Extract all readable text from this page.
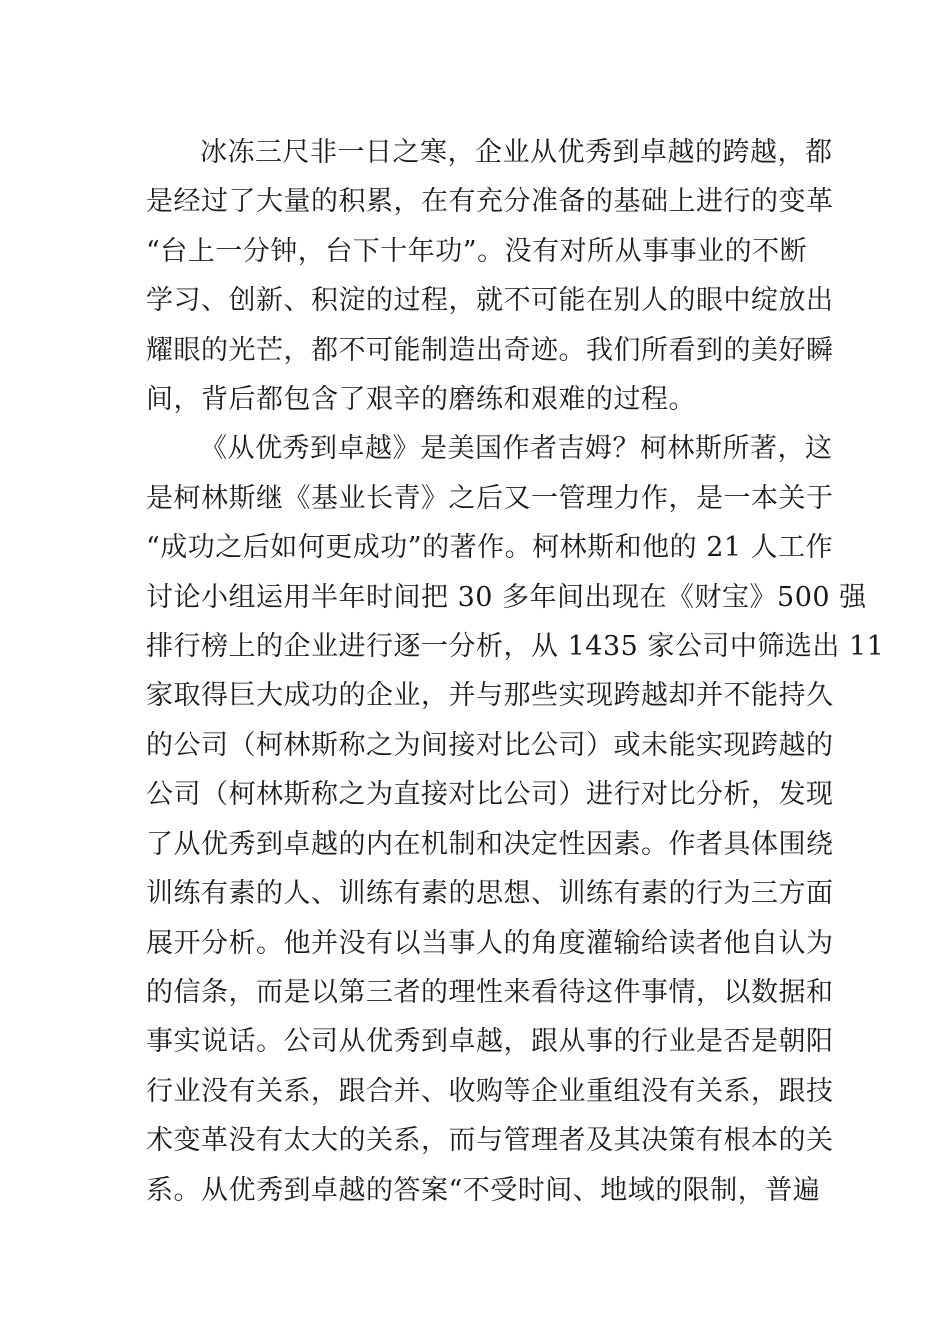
冰冻三尺非一日之寒，企业从优秀到卓越的跨越，都
是经过了大量的积累，在有充分准备的基础上进行的变革
“台上一分钟，台下十年功”。没有对所从事事业的不断
学习、创新、积淀的过程，就不可能在别人的眼中绽放出
耀眼的光芒，都不可能制造出奇迹。我们所看到的美好瞬
间，背后都包含了艰辛的磨练和艰难的过程。
《从优秀到卓越》是美国作者吉姆？柯林斯所著，这
是柯林斯继《基业长青》之后又一管理力作，是一本关于
“成功之后如何更成功”的著作。柯林斯和他的 21 人工作
讨论小组运用半年时间把 30 多年间出现在《财宝》500 强
排行榜上的企业进行逐一分析，从 1435 家公司中筛选出 11
家取得巨大成功的企业，并与那些实现跨越却并不能持久
的公司（柯林斯称之为间接对比公司）或未能实现跨越的
公司（柯林斯称之为直接对比公司）进行对比分析，发现
了从优秀到卓越的内在机制和决定性因素。作者具体围绕
训练有素的人、训练有素的思想、训练有素的行为三方面
展开分析。他并没有以当事人的角度灌输给读者他自认为
的信条，而是以第三者的理性来看待这件事情，以数据和
事实说话。公司从优秀到卓越，跟从事的行业是否是朝阳
行业没有关系，跟合并、收购等企业重组没有关系，跟技
术变革没有太大的关系，而与管理者及其决策有根本的关
系。从优秀到卓越的答案“不受时间、地域的限制，普遍
